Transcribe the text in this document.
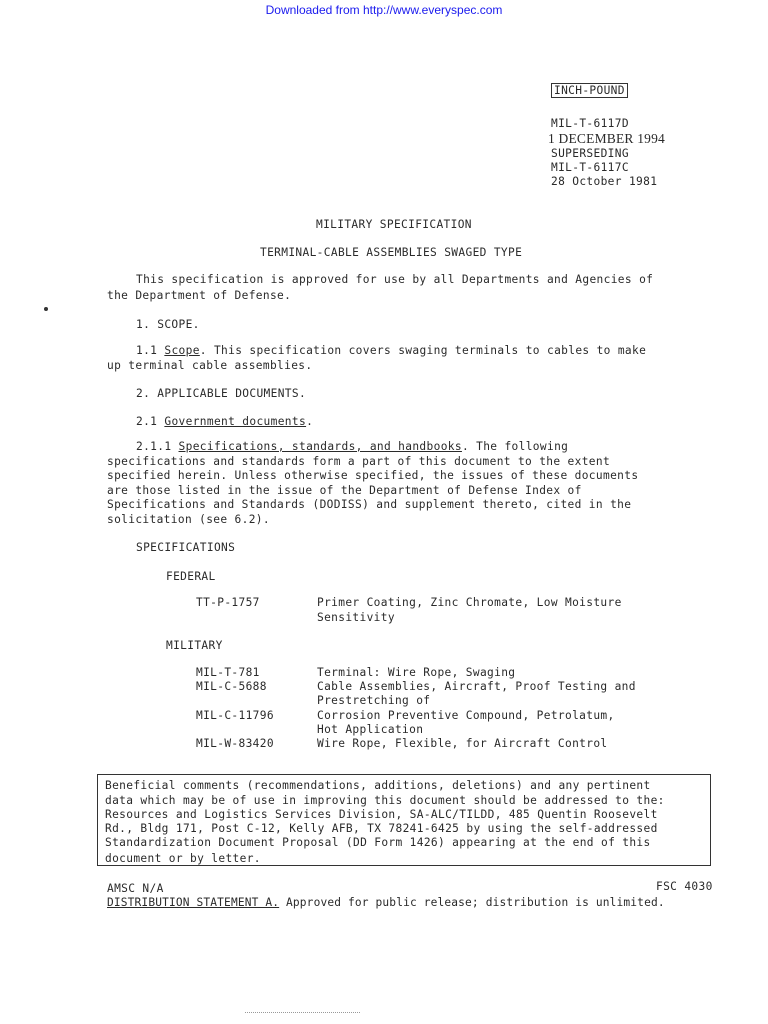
Downloaded from http://www.everyspec.com
INCH-POUND
MIL-T-6117D
1 DECEMBER 1994
SUPERSEDING
MIL-T-6117C
28 October 1981
MILITARY SPECIFICATION
TERMINAL-CABLE ASSEMBLIES SWAGED TYPE
This specification is approved for use by all Departments and Agencies of
the Department of Defense.
1. SCOPE.
1.1 Scope. This specification covers swaging terminals to cables to make
up terminal cable assemblies.
2. APPLICABLE DOCUMENTS.
2.1 Government documents.
2.1.1 Specifications, standards, and handbooks. The following
specifications and standards form a part of this document to the extent
specified herein. Unless otherwise specified, the issues of these documents
are those listed in the issue of the Department of Defense Index of
Specifications and Standards (DODISS) and supplement thereto, cited in the
solicitation (see 6.2).
SPECIFICATIONS
FEDERAL
TT-P-1757	Primer Coating, Zinc Chromate, Low Moisture
Sensitivity
MILITARY
MIL-T-781	Terminal: Wire Rope, Swaging
MIL-C-5688	Cable Assemblies, Aircraft, Proof Testing and
Prestretching of
MIL-C-11796	Corrosion Preventive Compound, Petrolatum,
Hot Application
MIL-W-83420	Wire Rope, Flexible, for Aircraft Control
Beneficial comments (recommendations, additions, deletions) and any pertinent
data which may be of use in improving this document should be addressed to the:
Resources and Logistics Services Division, SA-ALC/TILDD, 485 Quentin Roosevelt
Rd., Bldg 171, Post C-12, Kelly AFB, TX 78241-6425 by using the self-addressed
Standardization Document Proposal (DD Form 1426) appearing at the end of this
document or by letter.
AMSC N/A	FSC 4030
DISTRIBUTION STATEMENT A. Approved for public release; distribution is unlimited.
